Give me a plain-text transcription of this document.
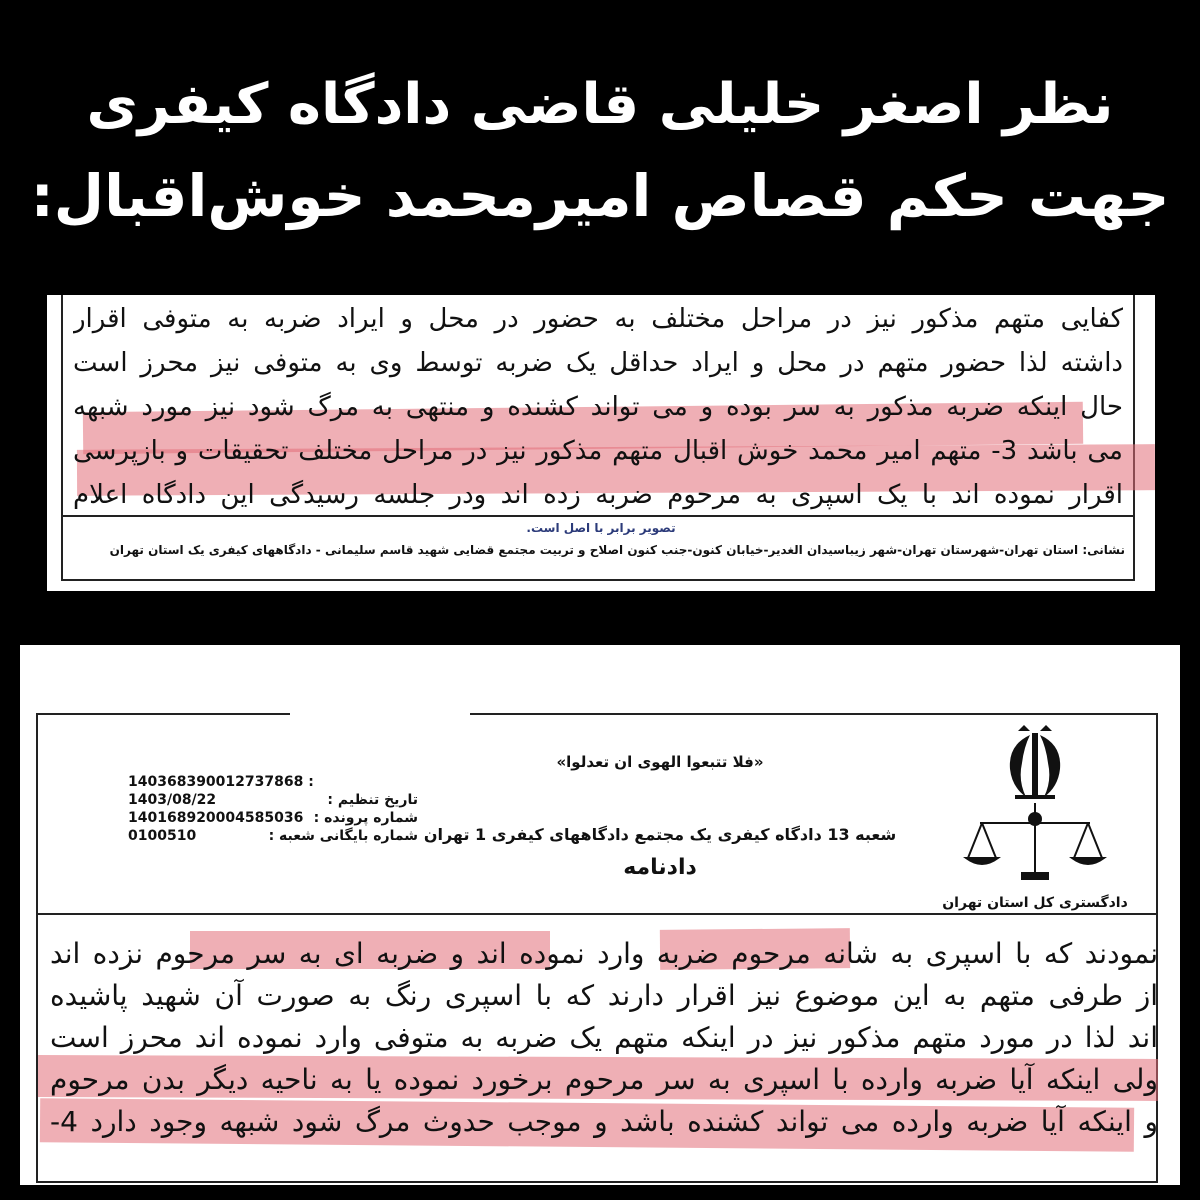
نظر اصغر خلیلی قاضی دادگاه کیفری
جهت حکم قصاص امیرمحمد خوش‌اقبال:
کفایی متهم مذکور نیز در مراحل مختلف به حضور در محل و ایراد ضربه به متوفی اقرار
داشته لذا حضور متهم در محل و ایراد حداقل یک ضربه توسط وی به متوفی نیز محرز است
حال اینکه ضربه مذکور به سر بوده و می تواند کشنده و منتهی به مرگ شود نیز مورد شبهه
می باشد 3- متهم امیر محمد خوش اقبال متهم مذکور نیز در مراحل مختلف تحقیقات و بازپرسی
اقرار نموده اند با یک اسپری به مرحوم ضربه زده اند ودر جلسه رسیدگی این دادگاه اعلام
تصویر برابر با اصل است.
نشانی: استان تهران-شهرستان تهران-شهر زیباسیدان الغدیر-خیابان کنون-جنب کنون اصلاح و تربیت مجتمع قضایی شهید قاسم سلیمانی - دادگاههای کیفری یک استان تهران
«فلا تتبعوا الهوی ان تعدلوا»
140368390012737868 :
تاریخ تنظیم :
1403/08/22
شماره پرونده :
140168920004585036
شماره بایگانی شعبه :
0100510	شعبه 13 دادگاه کیفری یک مجتمع دادگاههای کیفری 1 تهران
دادنامه
دادگستری کل استان تهران
نمودند که با اسپری به شانه مرحوم ضربه وارد نموده اند و ضربه ای به سر مرحوم نزده اند
از طرفی متهم به این موضوع نیز اقرار دارند که با اسپری رنگ به صورت آن شهید پاشیده
اند لذا در مورد متهم مذکور نیز در اینکه متهم یک ضربه به متوفی وارد نموده اند محرز است
ولی اینکه آیا ضربه وارده با اسپری به سر مرحوم برخورد نموده یا به ناحیه دیگر بدن مرحوم
و اینکه آیا ضربه وارده می تواند کشنده باشد و موجب حدوث مرگ شود شبهه وجود دارد 4-
